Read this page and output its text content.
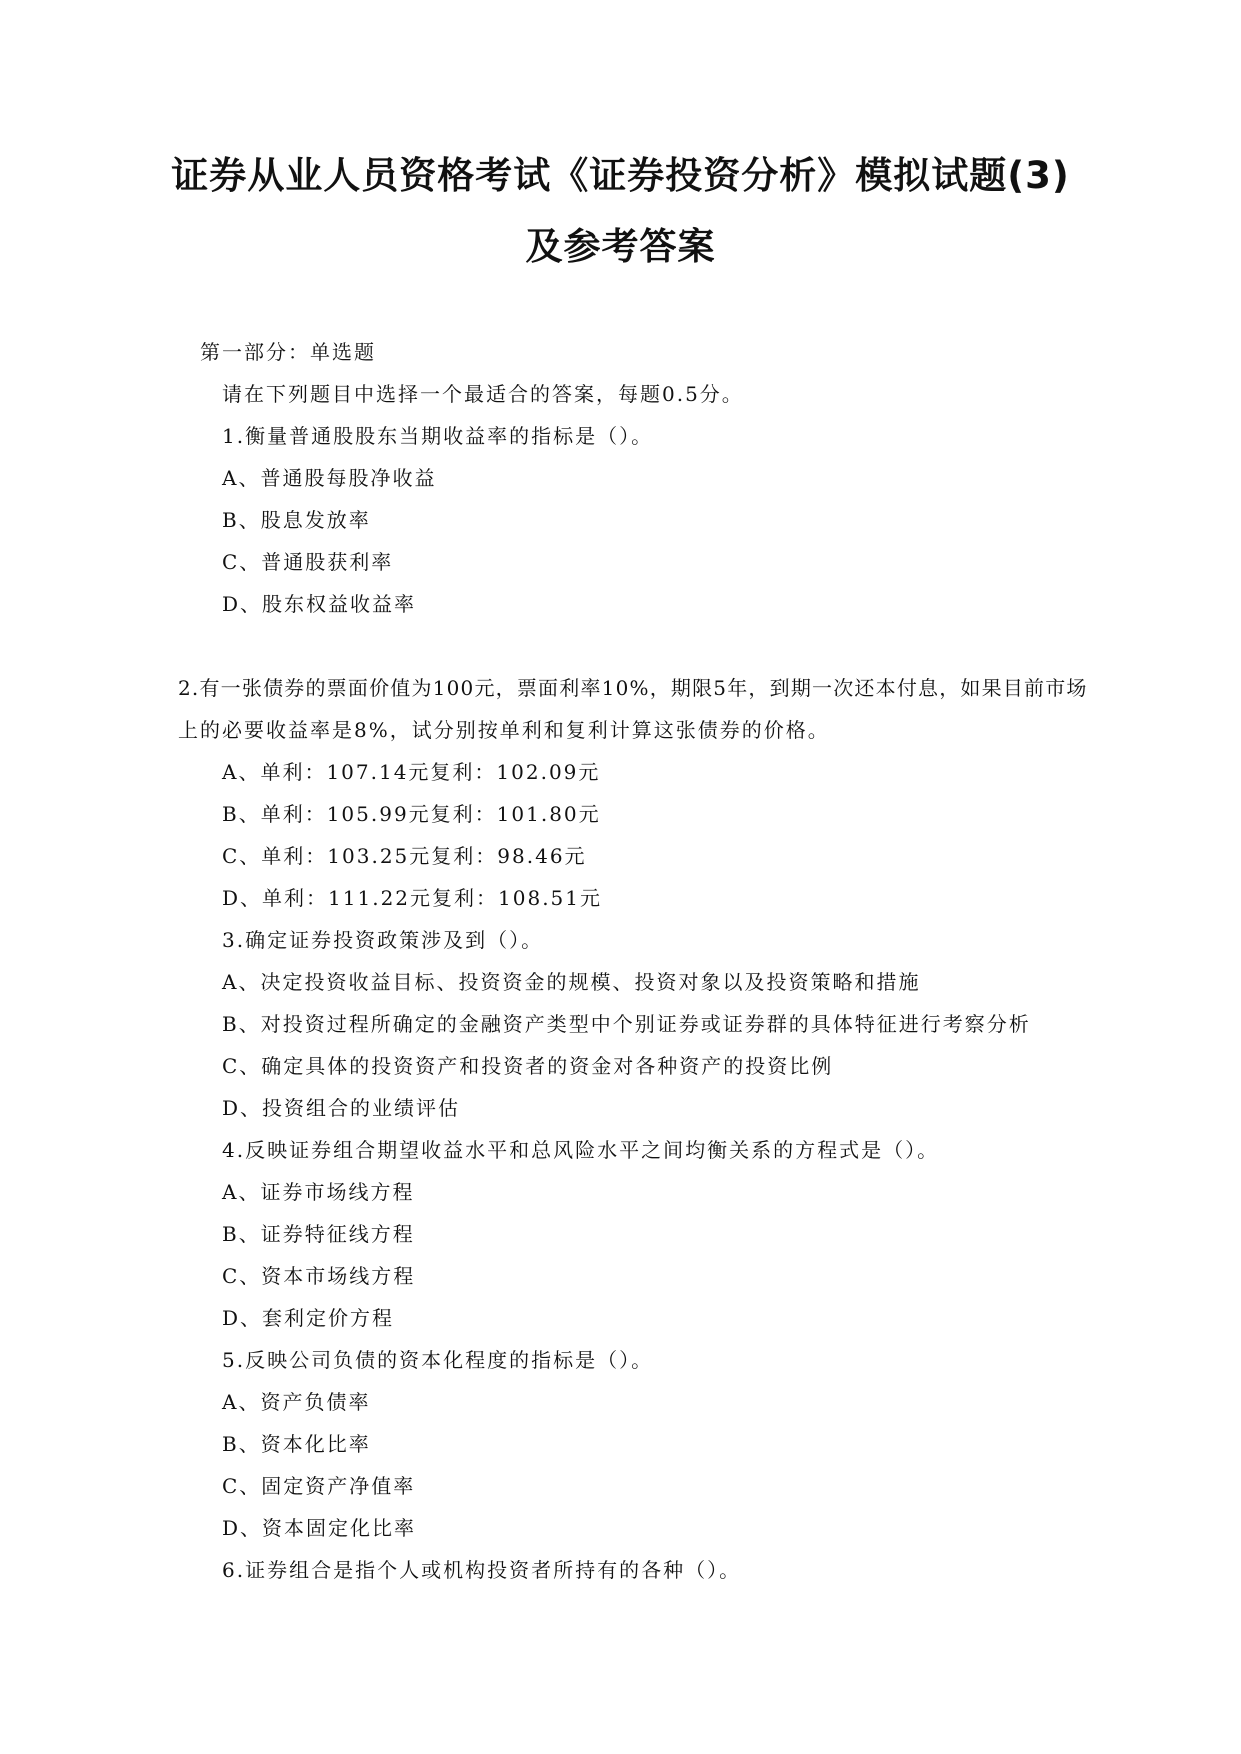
证券从业人员资格考试《证券投资分析》模拟试题(3)
及参考答案

第一部分：单选题

请在下列题目中选择一个最适合的答案，每题0.5分。

1.衡量普通股股东当期收益率的指标是（）。

A、普通股每股净收益

B、股息发放率

C、普通股获利率

D、股东权益收益率

2.有一张债券的票面价值为100元，票面利率10%，期限5年，到期一次还本付息，如果目前市场

上的必要收益率是8%，试分别按单利和复利计算这张债券的价格。

A、单利：107.14元复利：102.09元

B、单利：105.99元复利：101.80元

C、单利：103.25元复利：98.46元

D、单利：111.22元复利：108.51元

3.确定证券投资政策涉及到（）。

A、决定投资收益目标、投资资金的规模、投资对象以及投资策略和措施

B、对投资过程所确定的金融资产类型中个别证券或证券群的具体特征进行考察分析

C、确定具体的投资资产和投资者的资金对各种资产的投资比例

D、投资组合的业绩评估

4.反映证券组合期望收益水平和总风险水平之间均衡关系的方程式是（）。

A、证券市场线方程

B、证券特征线方程

C、资本市场线方程

D、套利定价方程

5.反映公司负债的资本化程度的指标是（）。

A、资产负债率

B、资本化比率

C、固定资产净值率

D、资本固定化比率

6.证券组合是指个人或机构投资者所持有的各种（）。
